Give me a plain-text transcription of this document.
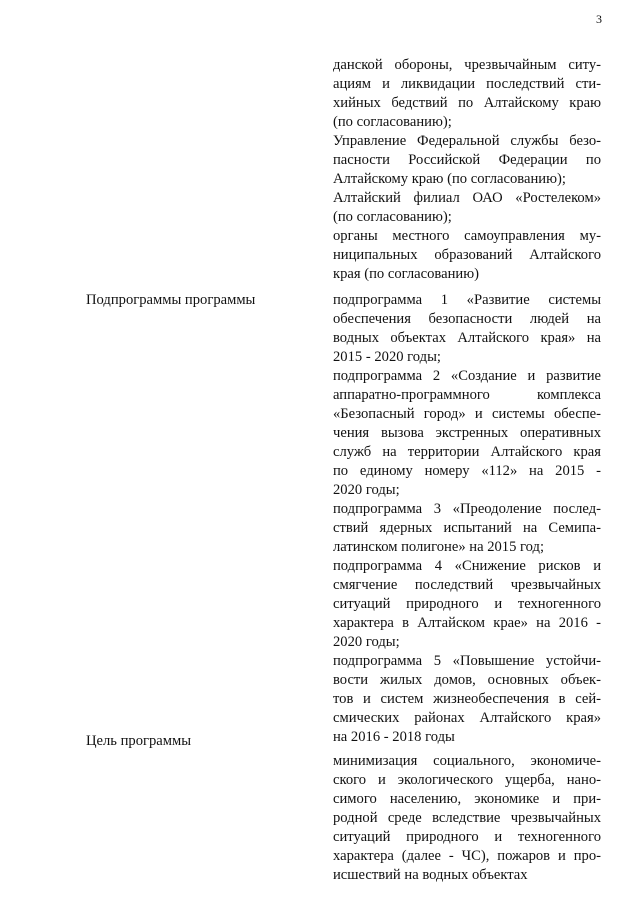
3
данской обороны, чрезвычайным ситу-
ациям и ликвидации последствий сти-
хийных бедствий по Алтайскому краю
(по согласованию);
Управление Федеральной службы безо-
пасности Российской Федерации по
Алтайскому краю (по согласованию);
Алтайский филиал ОАО «Ростелеком»
(по согласованию);
органы местного самоуправления му-
ниципальных образований Алтайского
края (по согласованию)
Подпрограммы программы	подпрограмма 1 «Развитие системы
обеспечения безопасности людей на
водных объектах Алтайского края» на
2015 - 2020 годы;
подпрограмма 2 «Создание и развитие
аппаратно-программного комплекса
«Безопасный город» и системы обеспе-
чения вызова экстренных оперативных
служб на территории Алтайского края
по единому номеру «112» на 2015 -
2020 годы;
подпрограмма 3 «Преодоление послед-
ствий ядерных испытаний на Семипа-
латинском полигоне» на 2015 год;
подпрограмма 4 «Снижение рисков и
смягчение последствий чрезвычайных
ситуаций природного и техногенного
характера в Алтайском крае» на 2016 -
2020 годы;
подпрограмма 5 «Повышение устойчи-
вости жилых домов, основных объек-
тов и систем жизнеобеспечения в сей-
смических районах Алтайского края»
на 2016 - 2018 годы
Цель программы
минимизация социального, экономиче-
ского и экологического ущерба, нано-
симого населению, экономике и при-
родной среде вследствие чрезвычайных
ситуаций природного и техногенного
характера (далее - ЧС), пожаров и про-
исшествий на водных объектах
